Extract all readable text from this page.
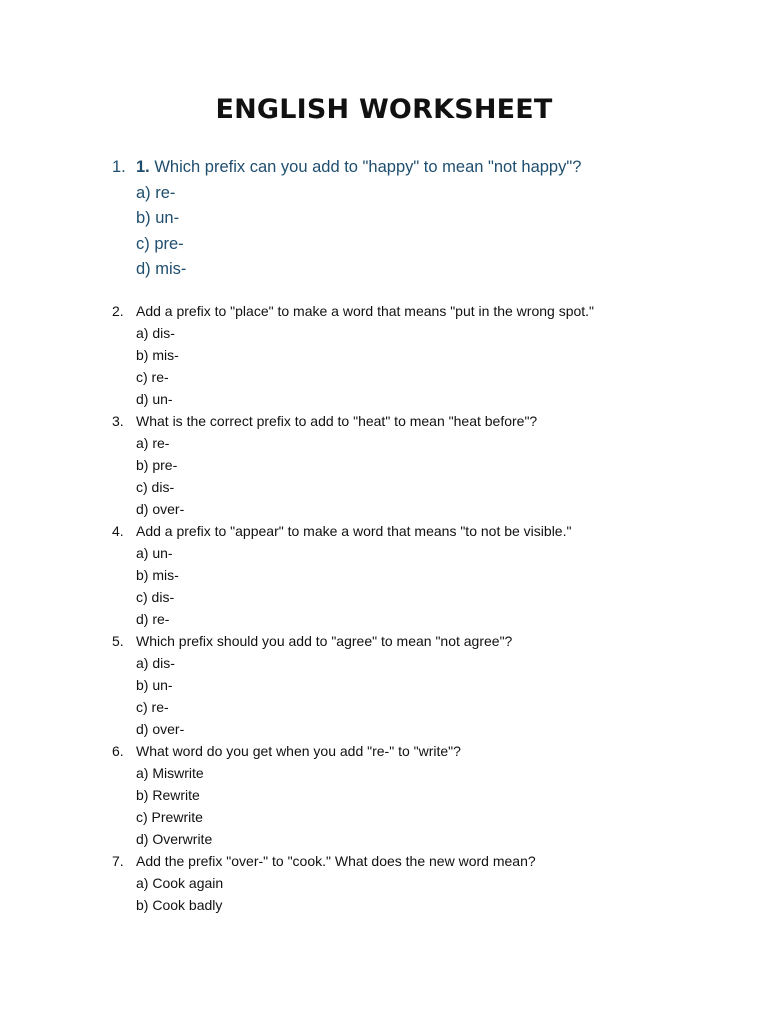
ENGLISH WORKSHEET
1. 1. Which prefix can you add to "happy" to mean "not happy"?
a) re-
b) un-
c) pre-
d) mis-
2. Add a prefix to "place" to make a word that means "put in the wrong spot."
a) dis-
b) mis-
c) re-
d) un-
3. What is the correct prefix to add to "heat" to mean "heat before"?
a) re-
b) pre-
c) dis-
d) over-
4. Add a prefix to "appear" to make a word that means "to not be visible."
a) un-
b) mis-
c) dis-
d) re-
5. Which prefix should you add to "agree" to mean "not agree"?
a) dis-
b) un-
c) re-
d) over-
6. What word do you get when you add "re-" to "write"?
a) Miswrite
b) Rewrite
c) Prewrite
d) Overwrite
7. Add the prefix "over-" to "cook." What does the new word mean?
a) Cook again
b) Cook badly
